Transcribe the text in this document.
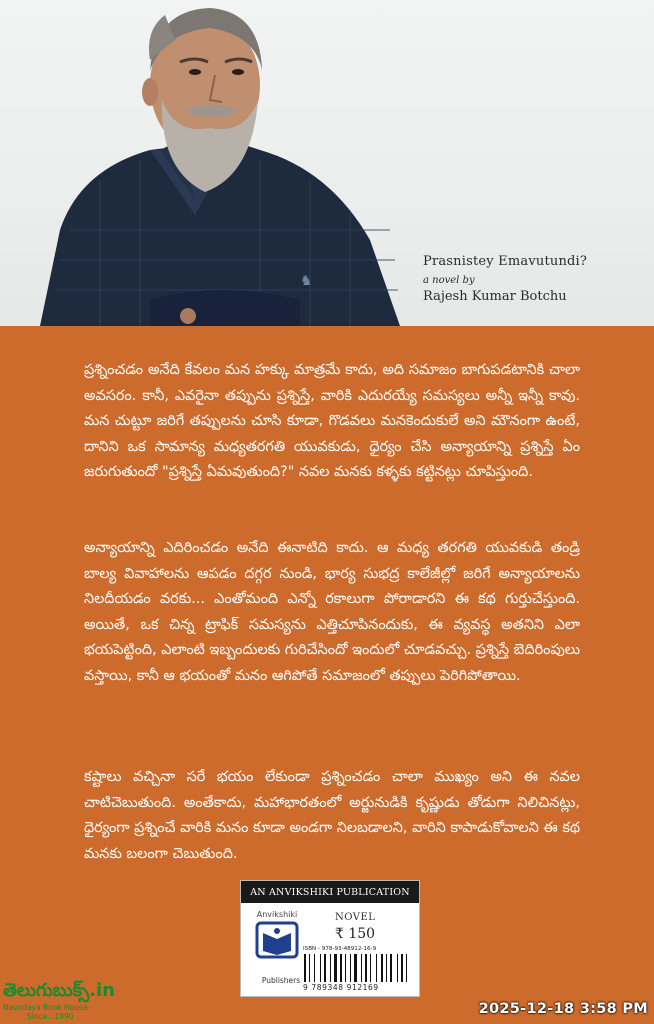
♞
Prasnistey Emavutundi?
a novel by
Rajesh Kumar Botchu
ప్రశ్నించడం అనేది కేవలం మన హక్కు మాత్రమే కాదు, అది సమాజం బాగుపడటానికి చాలా అవసరం. కానీ, ఎవరైనా తప్పును ప్రశ్నిస్తే, వారికి ఎదురయ్యే సమస్యలు అన్నీ ఇన్నీ కావు. మన చుట్టూ జరిగే తప్పులను చూసి కూడా, గొడవలు మనకెందుకులే అని మౌనంగా ఉంటే, దానిని ఒక సామాన్య మధ్యతరగతి యువకుడు, ధైర్యం చేసి అన్యాయాన్ని ప్రశ్నిస్తే ఏం జరుగుతుందో "ప్రశ్నిస్తే ఏమవుతుంది?" నవల మనకు కళ్ళకు కట్టినట్లు చూపిస్తుంది.
అన్యాయాన్ని ఎదిరించడం అనేది ఈనాటిది కాదు. ఆ మధ్య తరగతి యువకుడి తండ్రి బాల్య వివాహాలను ఆపడం దగ్గర నుండి, భార్య సుభద్ర కాలేజీల్లో జరిగే అన్యాయాలను నిలదీయడం వరకు... ఎంతోమంది ఎన్నో రకాలుగా పోరాడారని ఈ కథ గుర్తుచేస్తుంది. అయితే, ఒక చిన్న ట్రాఫిక్ సమస్యను ఎత్తిచూపినందుకు, ఈ వ్యవస్థ అతనిని ఎలా భయపెట్టింది, ఎలాంటి ఇబ్బందులకు గురిచేసిందో ఇందులో చూడవచ్చు. ప్రశ్నిస్తే బెదిరింపులు వస్తాయి, కానీ ఆ భయంతో మనం ఆగిపోతే సమాజంలో తప్పులు పెరిగిపోతాయి.
కష్టాలు వచ్చినా సరే భయం లేకుండా ప్రశ్నించడం చాలా ముఖ్యం అని ఈ నవల చాటిచెబుతుంది. అంతేకాదు, మహాభారతంలో అర్జునుడికి కృష్ణుడు తోడుగా నిలిచినట్లు, ధైర్యంగా ప్రశ్నించే వారికి మనం కూడా అండగా నిలబడాలని, వారిని కాపాడుకోవాలని ఈ కథ మనకు బలంగా చెబుతుంది.
AN ANVIKSHIKI PUBLICATION
Anvikshiki
Publishers
NOVEL
₹ 150
ISBN - 978-93-48912-16-9
9 789348 912169
తెలుగుబుక్స్.in
Navodaya Book House
Since...1990	2025-12-18 3:58 PM
